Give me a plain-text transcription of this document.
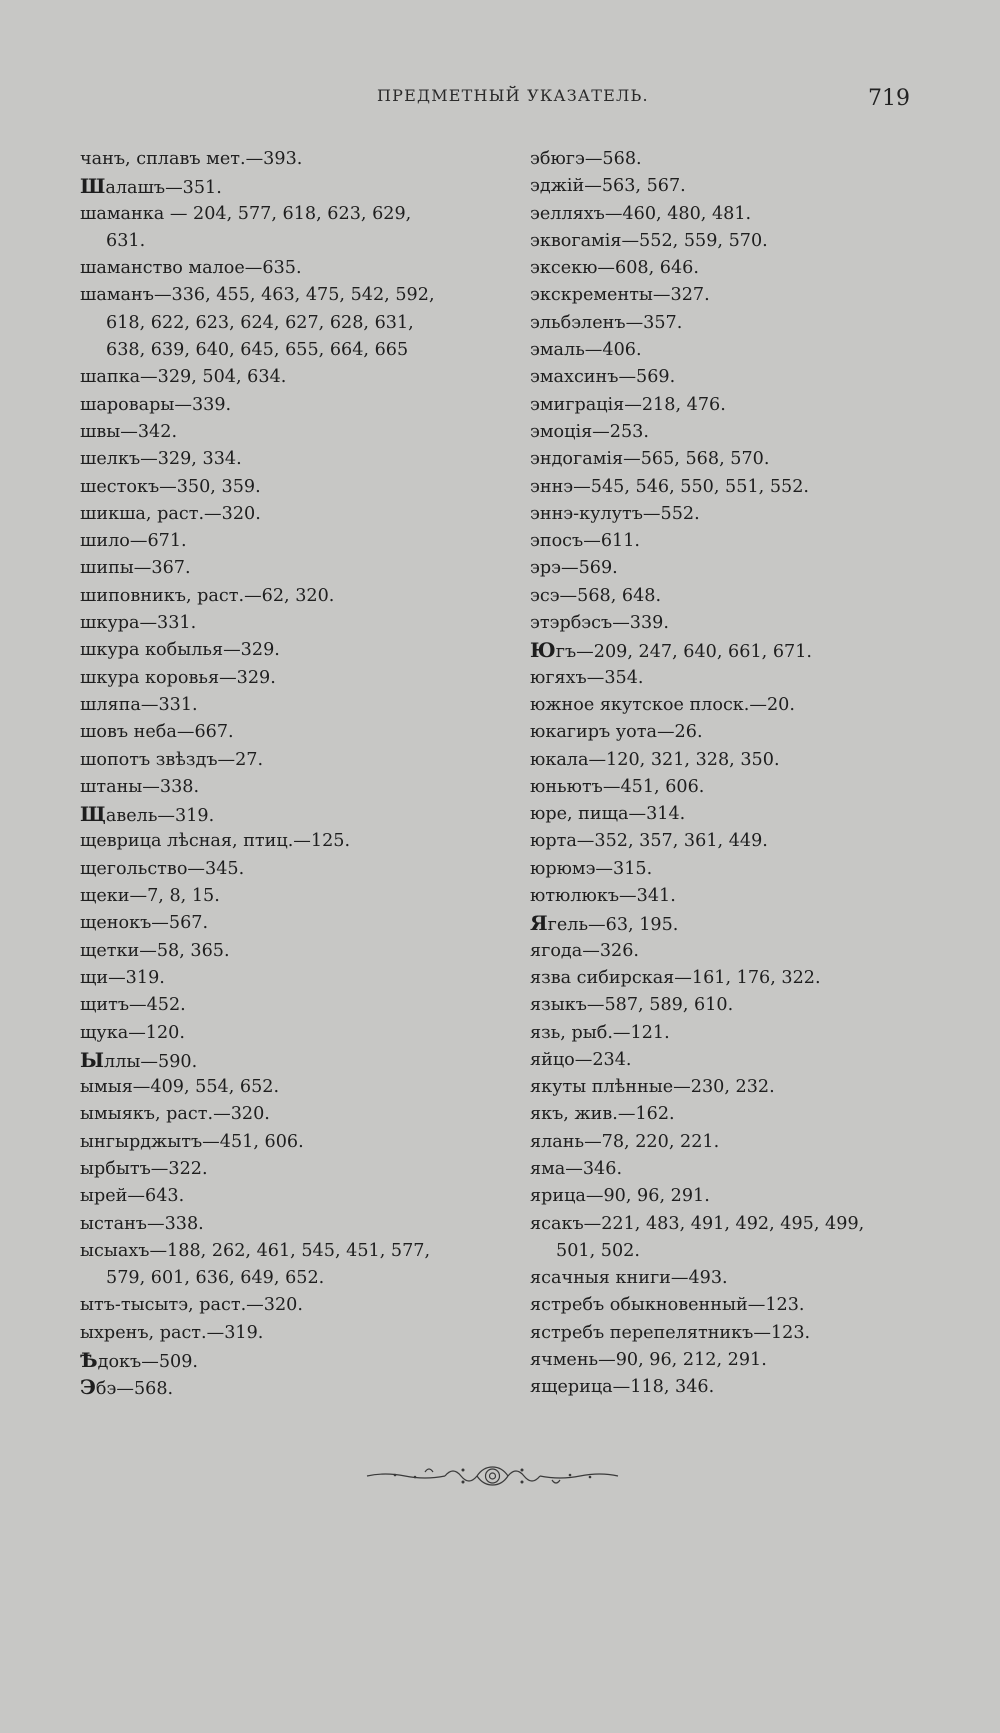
ПРЕДМЕТНЫЙ УКАЗАТЕЛЬ.	719
чанъ, сплавъ мет.—393.
Шалашъ—351.
шаманка — 204, 577, 618, 623, 629,
631.
шаманство малое—635.
шаманъ—336, 455, 463, 475, 542, 592,
618, 622, 623, 624, 627, 628, 631,
638, 639, 640, 645, 655, 664, 665
шапка—329, 504, 634.
шаровары—339.
швы—342.
шелкъ—329, 334.
шестокъ—350, 359.
шикша, раст.—320.
шило—671.
шипы—367.
шиповникъ, раст.—62, 320.
шкура—331.
шкура кобылья—329.
шкура коровья—329.
шляпа—331.
шовъ неба—667.
шопотъ звѣздъ—27.
штаны—338.
Щавель—319.
щеврица лѣсная, птиц.—125.
щегольство—345.
щеки—7, 8, 15.
щенокъ—567.
щетки—58, 365.
щи—319.
щитъ—452.
щука—120.
Ыллы—590.
ымыя—409, 554, 652.
ымыякъ, раст.—320.
ынгырджытъ—451, 606.
ырбытъ—322.
ырей—643.
ыстанъ—338.
ысыахъ—188, 262, 461, 545, 451, 577,
579, 601, 636, 649, 652.
ытъ-тысытэ, раст.—320.
ыхренъ, раст.—319.
Ѣдокъ—509.
Эбэ—568.
эбюгэ—568.
эджiй—563, 567.
эелляхъ—460, 480, 481.
эквогамiя—552, 559, 570.
эксекю—608, 646.
экскременты—327.
эльбэленъ—357.
эмаль—406.
эмахсинъ—569.
эмиграцiя—218, 476.
эмоцiя—253.
эндогамiя—565, 568, 570.
эннэ—545, 546, 550, 551, 552.
эннэ-кулутъ—552.
эпосъ—611.
эрэ—569.
эсэ—568, 648.
этэрбэсъ—339.
Югъ—209, 247, 640, 661, 671.
югяхъ—354.
южное якутское плоск.—20.
юкагиръ уота—26.
юкала—120, 321, 328, 350.
юньютъ—451, 606.
юре, пища—314.
юрта—352, 357, 361, 449.
юрюмэ—315.
ютюлюкъ—341.
Ягель—63, 195.
ягода—326.
язва сибирская—161, 176, 322.
языкъ—587, 589, 610.
язь, рыб.—121.
яйцо—234.
якуты плѣнные—230, 232.
якъ, жив.—162.
ялань—78, 220, 221.
яма—346.
ярица—90, 96, 291.
ясакъ—221, 483, 491, 492, 495, 499,
501, 502.
ясачныя книги—493.
ястребъ обыкновенный—123.
ястребъ перепелятникъ—123.
ячмень—90, 96, 212, 291.
ящерица—118, 346.
